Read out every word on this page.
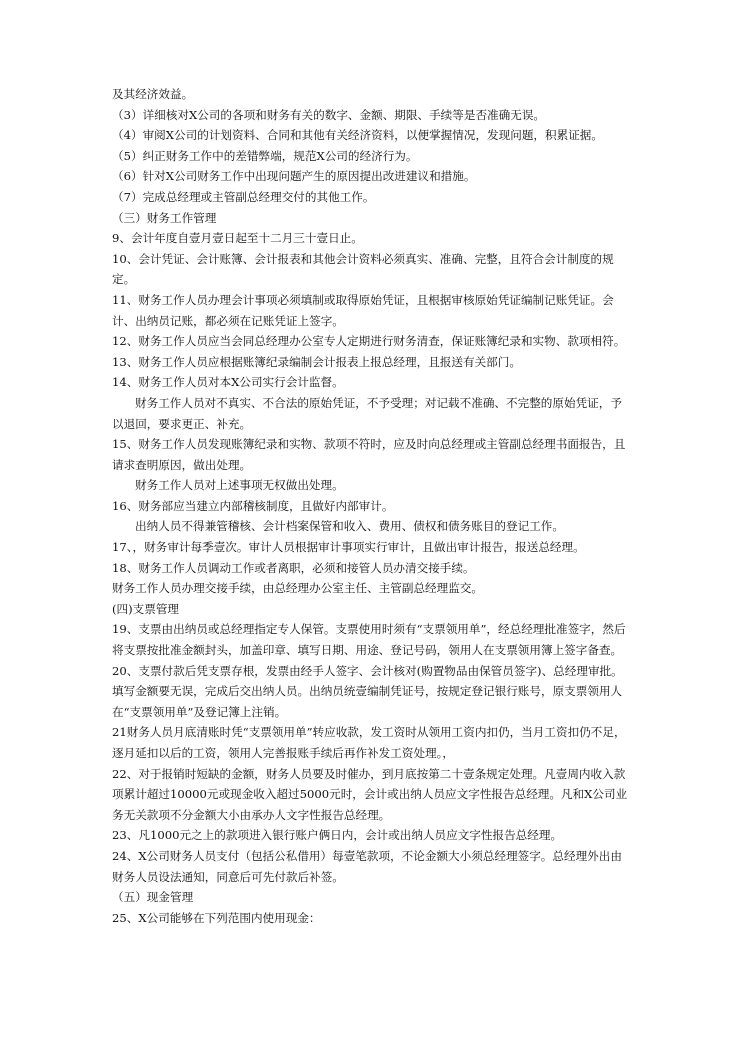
及其经济效益。

（3）详细核对X公司的各项和财务有关的数字、金额、期限、手续等是否准确无误。

（4）审阅X公司的计划资料、合同和其他有关经济资料，以便掌握情况，发现问题，积累证据。

（5）纠正财务工作中的差错弊端，规范X公司的经济行为。

（6）针对X公司财务工作中出现问题产生的原因提出改进建议和措施。

（7）完成总经理或主管副总经理交付的其他工作。

（三）财务工作管理

9、会计年度自壹月壹日起至十二月三十壹日止。

10、会计凭证、会计账簿、会计报表和其他会计资料必须真实、准确、完整，且符合会计制度的规定。

11、财务工作人员办理会计事项必须填制或取得原始凭证，且根据审核原始凭证编制记账凭证。会计、出纳员记账，都必须在记账凭证上签字。

12、财务工作人员应当会同总经理办公室专人定期进行财务清查，保证账簿纪录和实物、款项相符。

13、财务工作人员应根据账簿纪录编制会计报表上报总经理，且报送有关部门。

14、财务工作人员对本X公司实行会计监督。

财务工作人员对不真实、不合法的原始凭证，不予受理；对记载不准确、不完整的原始凭证，予以退回，要求更正、补充。

15、财务工作人员发现账簿纪录和实物、款项不符时，应及时向总经理或主管副总经理书面报告，且请求查明原因，做出处理。

财务工作人员对上述事项无权做出处理。

16、财务部应当建立内部稽核制度，且做好内部审计。

出纳人员不得兼管稽核、会计档案保管和收入、费用、债权和债务账目的登记工作。

17、，财务审计每季壹次。审计人员根据审计事项实行审计，且做出审计报告，报送总经理。

18、财务工作人员调动工作或者离职，必须和接管人员办清交接手续。

财务工作人员办理交接手续，由总经理办公室主任、主管副总经理监交。

(四)支票管理

19、支票由出纳员或总经理指定专人保管。支票使用时须有“支票领用单”，经总经理批准签字，然后将支票按批准金额封头，加盖印章、填写日期、用途、登记号码，领用人在支票领用簿上签字备查。

20、支票付款后凭支票存根，发票由经手人签字、会计核对(购置物品由保管员签字)、总经理审批。填写金额要无误，完成后交出纳人员。出纳员统壹编制凭证号，按规定登记银行账号，原支票领用人在“支票领用单”及登记簿上注销。

21财务人员月底清账时凭“支票领用单”转应收款，发工资时从领用工资内扣仍，当月工资扣仍不足，逐月延扣以后的工资，领用人完善报账手续后再作补发工资处理。，

22、对于报销时短缺的金额，财务人员要及时催办，到月底按第二十壹条规定处理。凡壹周内收入款项累计超过10000元或现金收入超过5000元时，会计或出纳人员应文字性报告总经理。凡和X公司业务无关款项不分金额大小由承办人文字性报告总经理。

23、凡1000元之上的款项进入银行账户俩日内，会计或出纳人员应文字性报告总经理。

24、X公司财务人员支付（包括公私借用）每壹笔款项，不论金额大小须总经理签字。总经理外出由财务人员设法通知，同意后可先付款后补签。

（五）现金管理

25、X公司能够在下列范围内使用现金：
